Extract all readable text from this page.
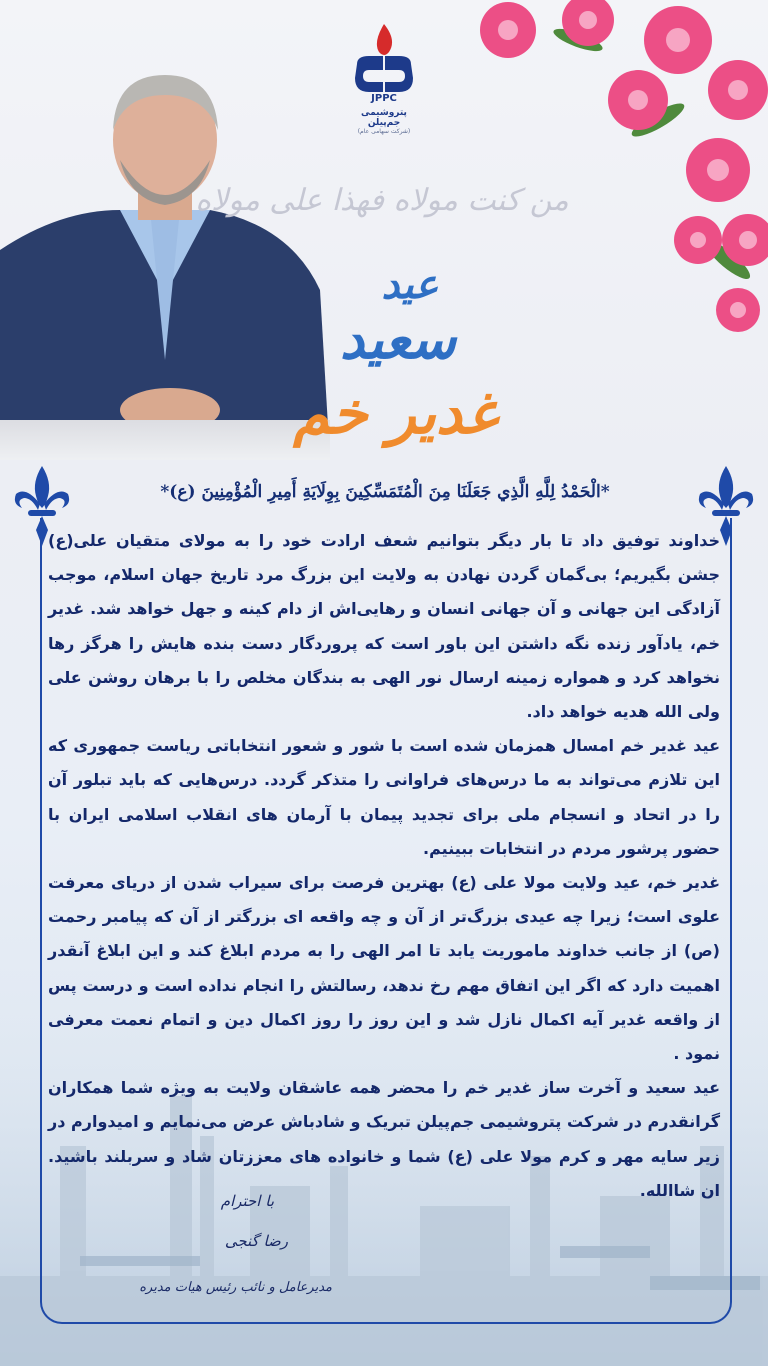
JPPC
پتروشیمی جم‌پیلن
(شرکت سهامی عام)
من کنت مولاه فهذا علی مولاه
عید
سعید
غدیر خم
*الْحَمْدُ لِلَّهِ الَّذِي جَعَلَنَا مِنَ الْمُتَمَسِّكِينَ بِوِلَايَةِ أَمِيرِ الْمُؤْمِنِينَ (ع)*

خداوند توفیق داد تا بار دیگر بتوانیم شعف ارادت خود را به مولای متقیان علی(ع) جشن بگیریم؛ بی‌گمان گردن نهادن به ولایت این بزرگ مرد تاریخ جهان اسلام، موجب آزادگی این جهانی و آن جهانی انسان و رهایی‌اش از دام کینه و جهل خواهد شد. غدیر خم، یادآور زنده نگه داشتن این باور است که پروردگار دست بنده هایش را هرگز رها نخواهد کرد و همواره زمینه ارسال نور الهی به بندگان مخلص را با برهان روشن علی ولی الله هدیه خواهد داد.

عید غدیر خم امسال همزمان شده است با شور و شعور انتخاباتی ریاست جمهوری که این تلازم می‌تواند به ما درس‌های فراوانی را متذکر گردد. درس‌هایی که باید تبلور آن را در اتحاد و انسجام ملی برای تجدید پیمان با آرمان های انقلاب اسلامی ایران با حضور پرشور مردم در انتخابات ببینیم.

غدیر خم، عید ولایت مولا علی (ع) بهترین فرصت برای سیراب شدن از دریای معرفت علوی است؛ زیرا چه عیدی بزرگ‌تر از آن و چه واقعه ای بزرگتر از آن که پیامبر رحمت (ص) از جانب خداوند ماموریت یابد تا امر الهی را به مردم ابلاغ کند و این ابلاغ آنقدر اهمیت دارد که اگر این اتفاق مهم رخ ندهد، رسالتش را انجام نداده است و درست پس از واقعه غدیر آیه اکمال نازل شد و این روز را روز اکمال دین و اتمام نعمت معرفی نمود .

عید سعید و آخرت ساز غدیر خم را محضر همه عاشقان ولایت به ویژه شما همکاران گرانقدرم در شرکت پتروشیمی جم‌پیلن تبریک و شادباش عرض می‌نمایم و امیدوارم در زیر سایه مهر و کرم مولا علی (ع) شما و خانواده های معززتان شاد و سربلند باشید. ان شاالله.

با احترام
رضا گنجی
مدیرعامل و نائب رئیس هیات مدیره
